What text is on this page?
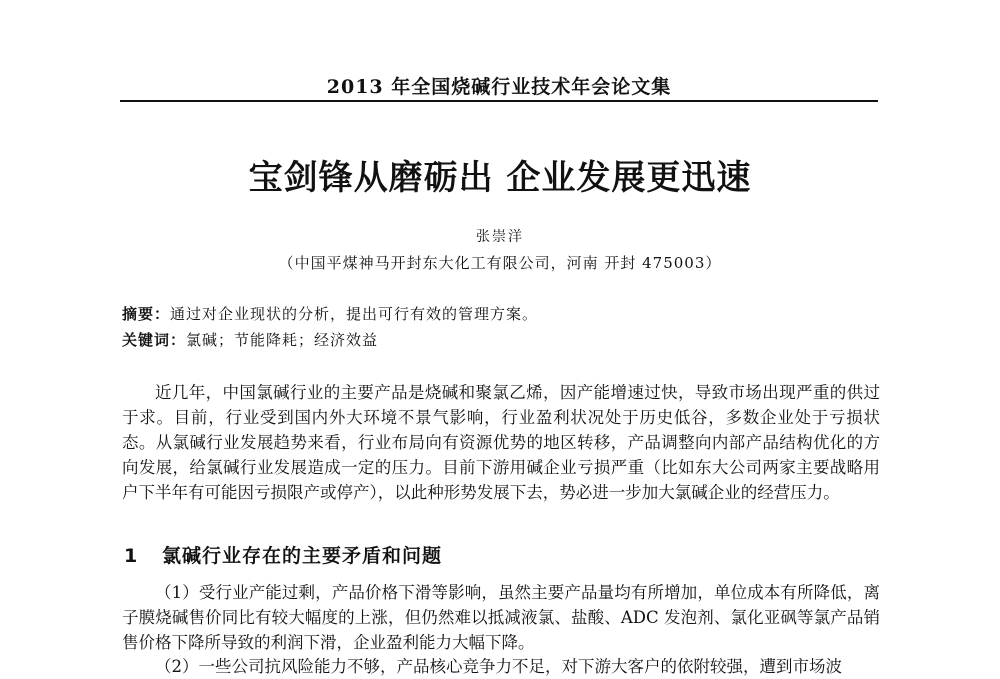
2013 年全国烧碱行业技术年会论文集
宝剑锋从磨砺出 企业发展更迅速
张崇洋
（中国平煤神马开封东大化工有限公司，河南 开封 475003）
摘要：通过对企业现状的分析，提出可行有效的管理方案。
关键词：氯碱；节能降耗；经济效益

近几年，中国氯碱行业的主要产品是烧碱和聚氯乙烯，因产能增速过快，导致市场出现严重的供过于求。目前，行业受到国内外大环境不景气影响，行业盈利状况处于历史低谷，多数企业处于亏损状态。从氯碱行业发展趋势来看，行业布局向有资源优势的地区转移，产品调整向内部产品结构优化的方向发展，给氯碱行业发展造成一定的压力。目前下游用碱企业亏损严重（比如东大公司两家主要战略用户下半年有可能因亏损限产或停产），以此种形势发展下去，势必进一步加大氯碱企业的经营压力。

1 氯碱行业存在的主要矛盾和问题

（1）受行业产能过剩，产品价格下滑等影响，虽然主要产品量均有所增加，单位成本有所降低，离子膜烧碱售价同比有较大幅度的上涨，但仍然难以抵减液氯、盐酸、ADC 发泡剂、氯化亚砜等氯产品销售价格下降所导致的利润下滑，企业盈利能力大幅下降。

（2）一些公司抗风险能力不够，产品核心竞争力不足，对下游大客户的依附较强，遭到市场波
